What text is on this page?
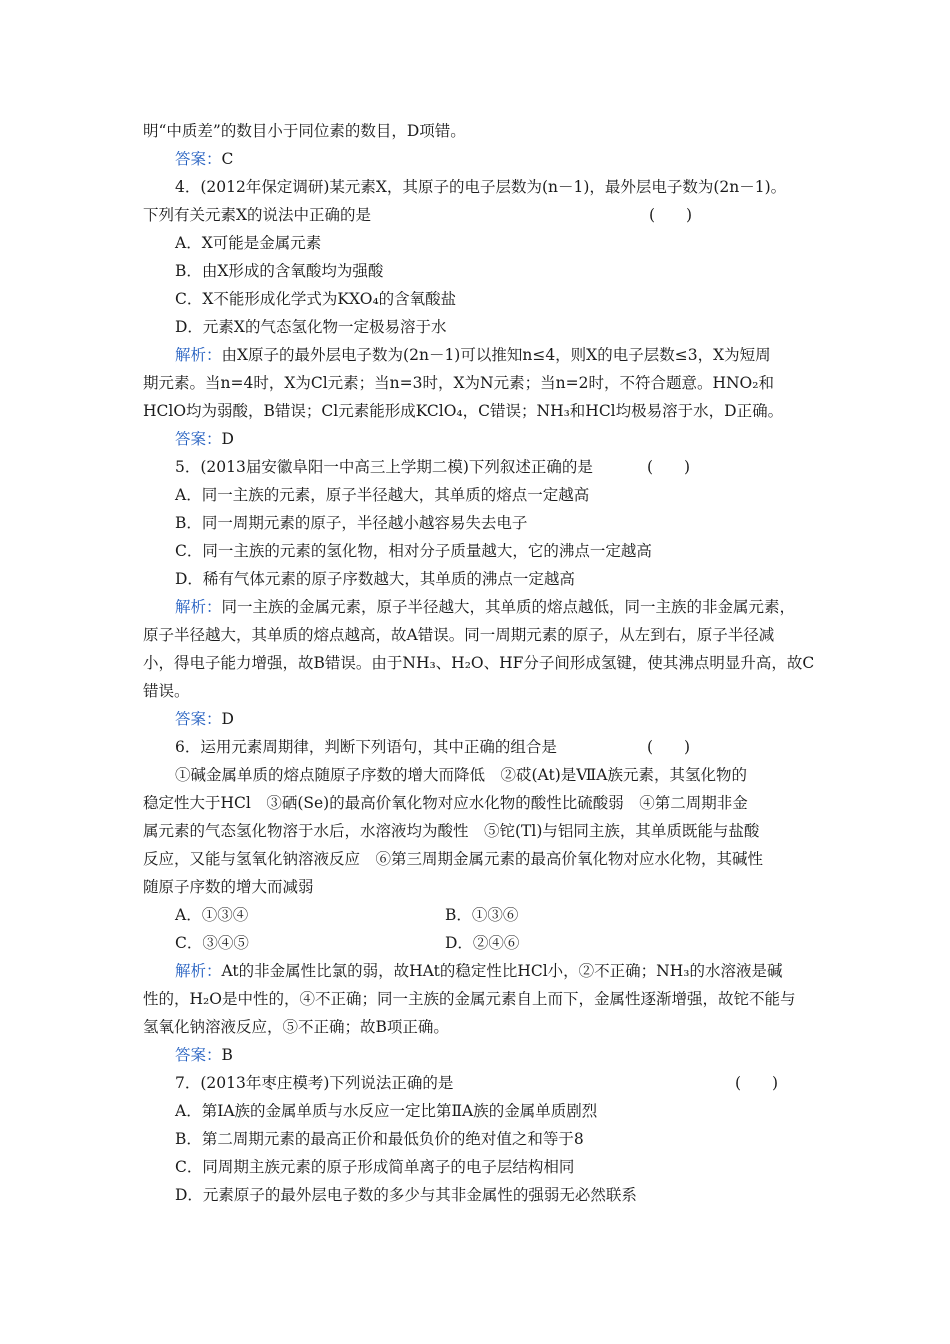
明“中质差”的数目小于同位素的数目，D项错。
答案：C
4．(2012年保定调研)某元素X，其原子的电子层数为(n－1)，最外层电子数为(2n－1)。
下列有关元素X的说法中正确的是	(　　)
A．X可能是金属元素
B．由X形成的含氧酸均为强酸
C．X不能形成化学式为KXO₄的含氧酸盐
D．元素X的气态氢化物一定极易溶于水
解析：由X原子的最外层电子数为(2n－1)可以推知n≤4，则X的电子层数≤3，X为短周
期元素。当n=4时，X为Cl元素；当n=3时，X为N元素；当n=2时，不符合题意。HNO₂和
HClO均为弱酸，B错误；Cl元素能形成KClO₄，C错误；NH₃和HCl均极易溶于水，D正确。
答案：D
5．(2013届安徽阜阳一中高三上学期二模)下列叙述正确的是	(　　)
A．同一主族的元素，原子半径越大，其单质的熔点一定越高
B．同一周期元素的原子，半径越小越容易失去电子
C．同一主族的元素的氢化物，相对分子质量越大，它的沸点一定越高
D．稀有气体元素的原子序数越大，其单质的沸点一定越高
解析：同一主族的金属元素，原子半径越大，其单质的熔点越低，同一主族的非金属元素，
原子半径越大，其单质的熔点越高，故A错误。同一周期元素的原子，从左到右，原子半径减
小，得电子能力增强，故B错误。由于NH₃、H₂O、HF分子间形成氢键，使其沸点明显升高，故C
错误。
答案：D
6．运用元素周期律，判断下列语句，其中正确的组合是	(　　)
①碱金属单质的熔点随原子序数的增大而降低　②砹(At)是ⅦA族元素，其氢化物的
稳定性大于HCl　③硒(Se)的最高价氧化物对应水化物的酸性比硫酸弱　④第二周期非金
属元素的气态氢化物溶于水后，水溶液均为酸性　⑤铊(Tl)与铝同主族，其单质既能与盐酸
反应，又能与氢氧化钠溶液反应　⑥第三周期金属元素的最高价氧化物对应水化物，其碱性
随原子序数的增大而减弱
A．①③④	B．①③⑥
C．③④⑤	D．②④⑥
解析：At的非金属性比氯的弱，故HAt的稳定性比HCl小，②不正确；NH₃的水溶液是碱
性的，H₂O是中性的，④不正确；同一主族的金属元素自上而下，金属性逐渐增强，故铊不能与
氢氧化钠溶液反应，⑤不正确；故B项正确。
答案：B
7．(2013年枣庄模考)下列说法正确的是	(　　)
A．第ⅠA族的金属单质与水反应一定比第ⅡA族的金属单质剧烈
B．第二周期元素的最高正价和最低负价的绝对值之和等于8
C．同周期主族元素的原子形成简单离子的电子层结构相同
D．元素原子的最外层电子数的多少与其非金属性的强弱无必然联系
